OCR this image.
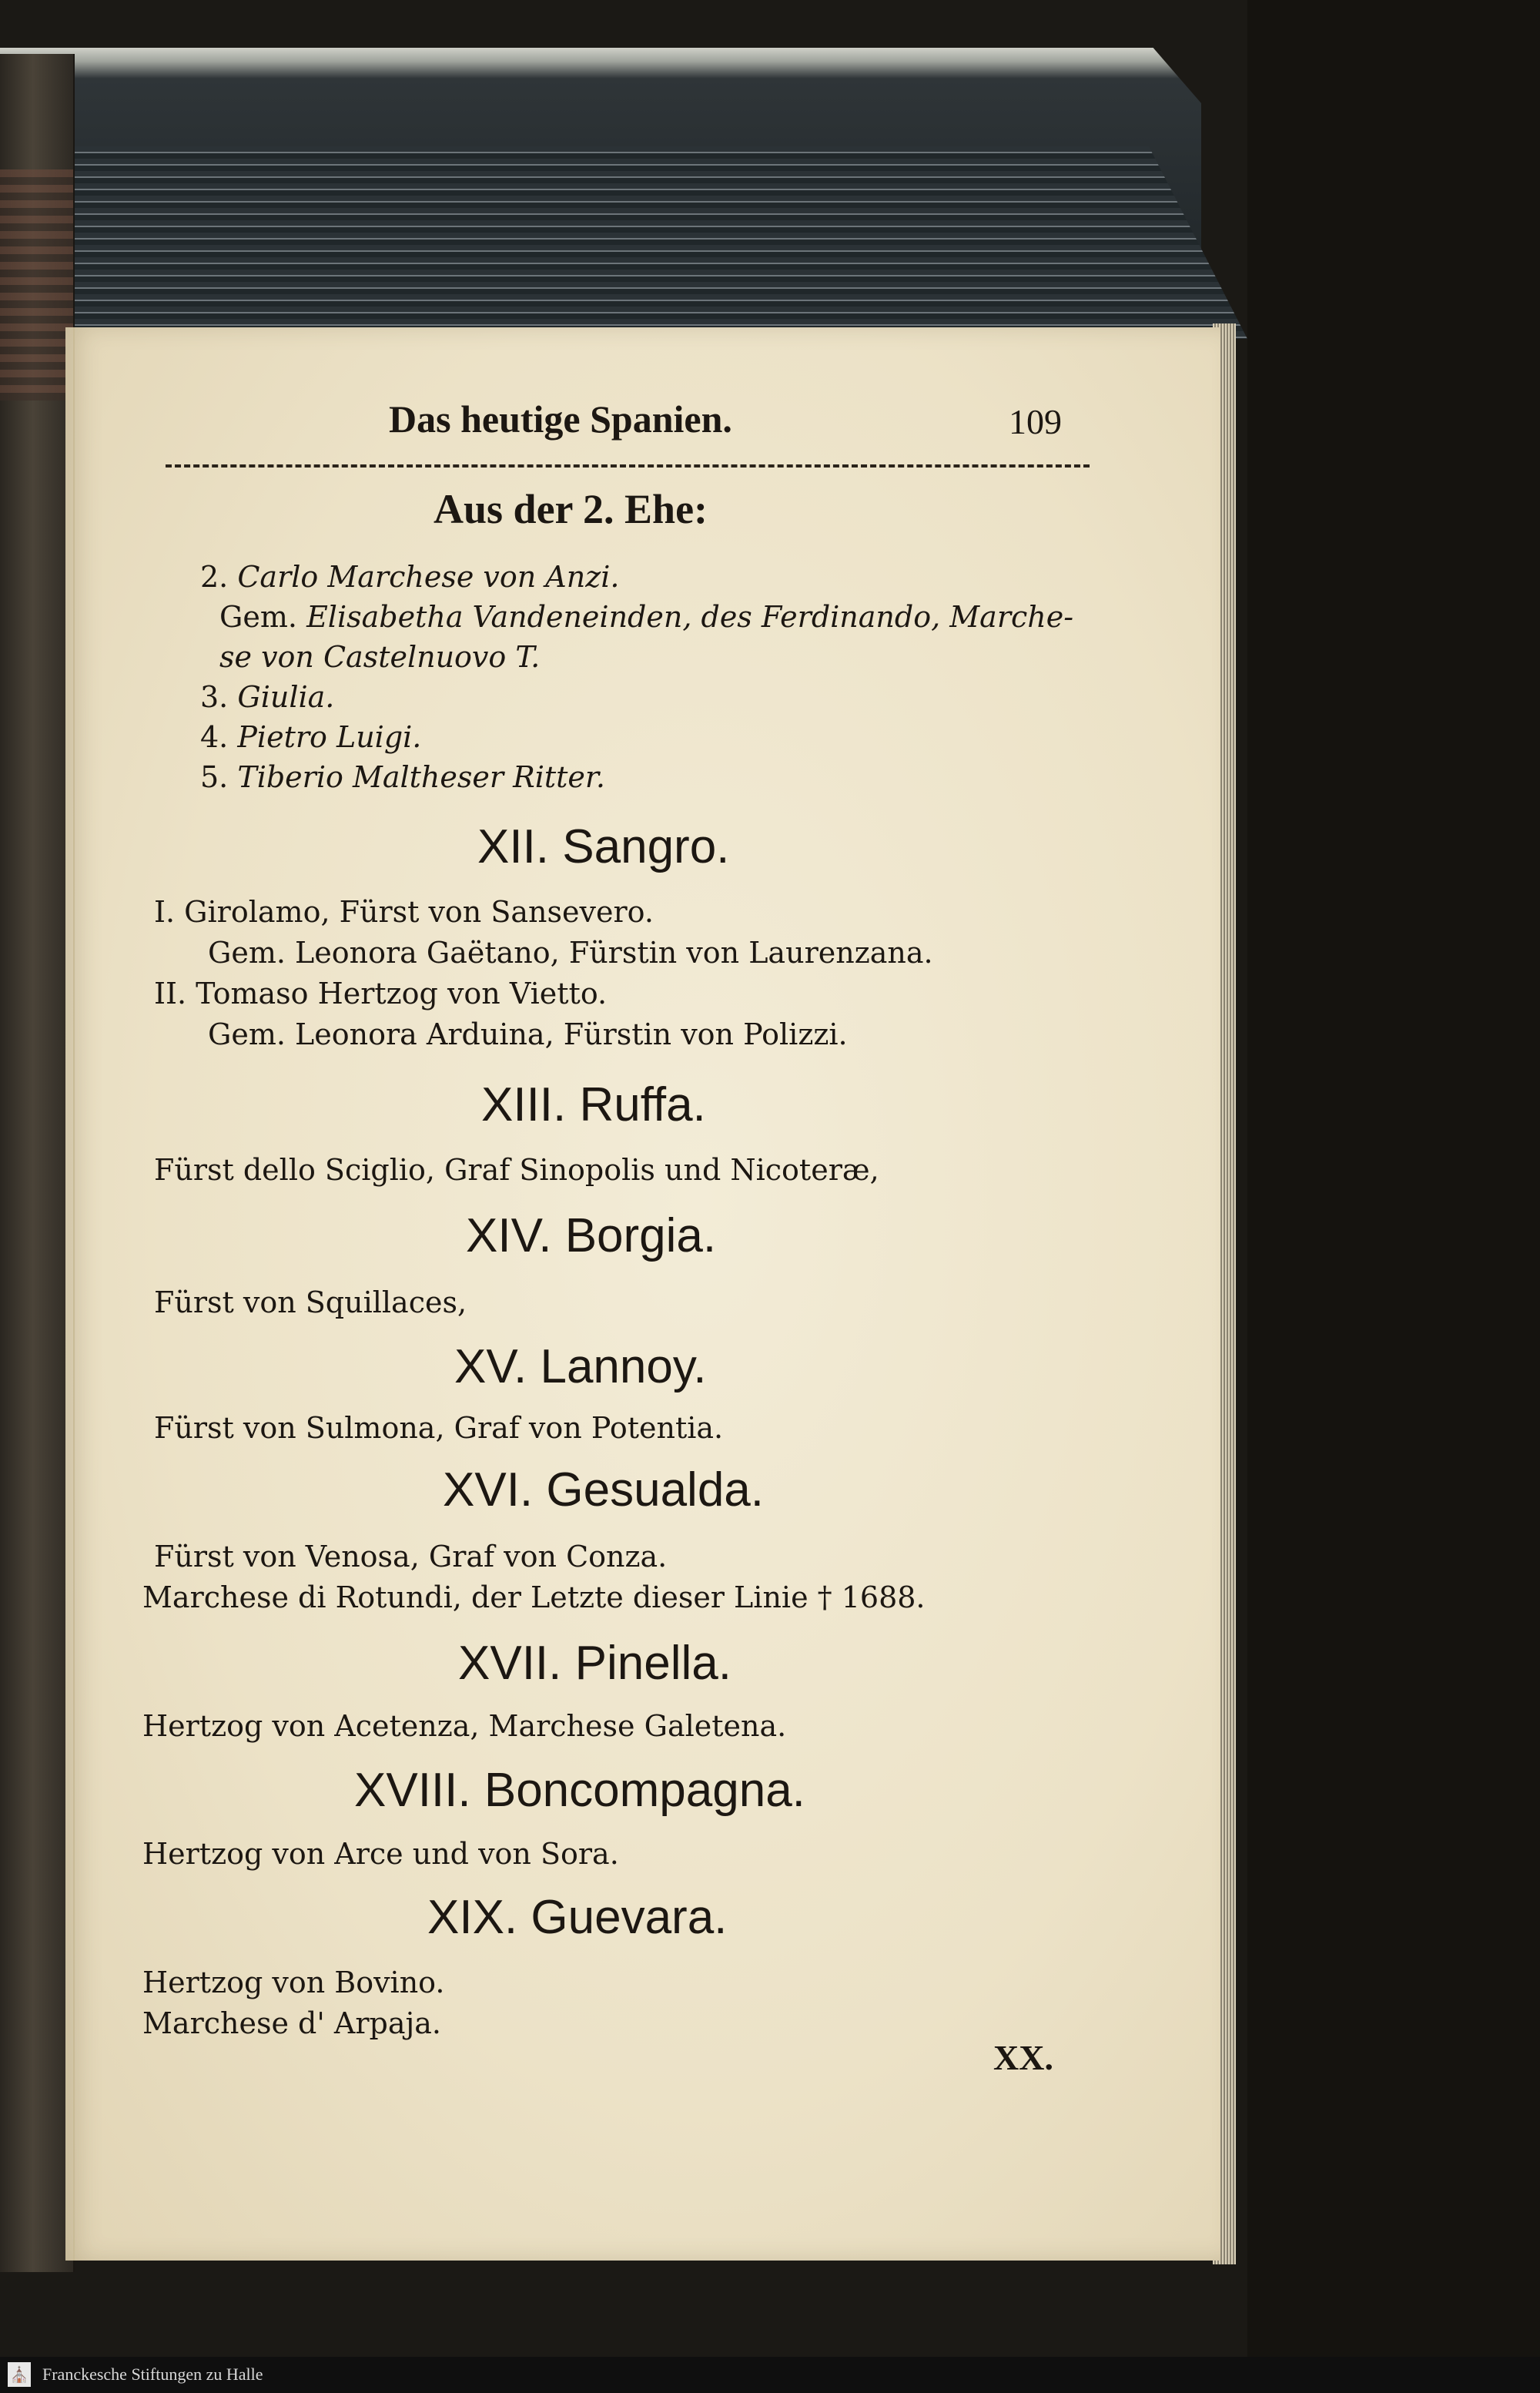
Das heutige Spanien.	109
Aus der 2. Ehe:
2. Carlo Marchese von Anzi.
Gem. Elisabetha Vandeneinden, des Ferdinando, Marche-
se von Castelnuovo T.
3. Giulia.
4. Pietro Luigi.
5. Tiberio Maltheser Ritter.
XII. Sangro.
I. Girolamo, Fürst von Sansevero.
Gem. Leonora Gaëtano, Fürstin von Laurenzana.
II. Tomaso Hertzog von Vietto.
Gem. Leonora Arduina, Fürstin von Polizzi.
XIII. Ruffa.
Fürst dello Sciglio, Graf Sinopolis und Nicoteræ,
XIV. Borgia.
Fürst von Squillaces,
XV. Lannoy.
Fürst von Sulmona, Graf von Potentia.
XVI. Gesualda.
Fürst von Venosa, Graf von Conza.
Marchese di Rotundi, der Letzte dieser Linie † 1688.
XVII. Pinella.
Hertzog von Acetenza, Marchese Galetena.
XVIII. Boncompagna.
Hertzog von Arce und von Sora.
XIX. Guevara.
Hertzog von Bovino.
Marchese d' Arpaja.
XX.
⛪ Franckesche Stiftungen zu Halle
